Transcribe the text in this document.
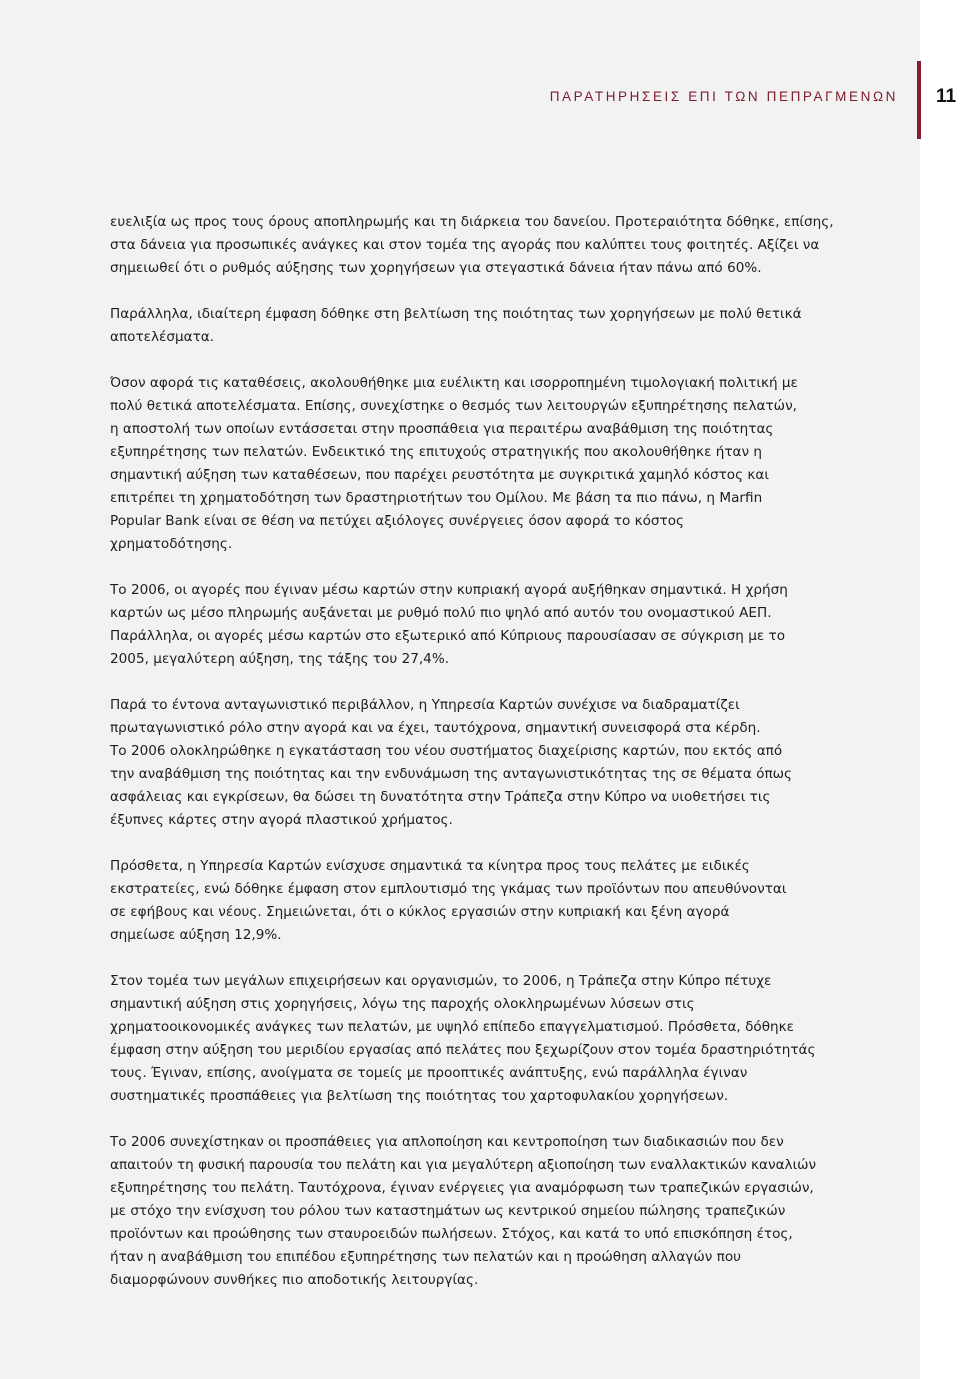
ΠΑΡΑΤΗΡΗΣΕΙΣ ΕΠΙ ΤΩΝ ΠΕΠΡΑΓΜΕΝΩΝ 11

ευελιξία ως προς τους όρους αποπληρωμής και τη διάρκεια του δανείου. Προτεραιότητα δόθηκε, επίσης,
στα δάνεια για προσωπικές ανάγκες και στον τομέα της αγοράς που καλύπτει τους φοιτητές. Αξίζει να
σημειωθεί ότι ο ρυθμός αύξησης των χορηγήσεων για στεγαστικά δάνεια ήταν πάνω από 60%.

Παράλληλα, ιδιαίτερη έμφαση δόθηκε στη βελτίωση της ποιότητας των χορηγήσεων με πολύ θετικά
αποτελέσματα.

Όσον αφορά τις καταθέσεις, ακολουθήθηκε μια ευέλικτη και ισορροπημένη τιμολογιακή πολιτική με
πολύ θετικά αποτελέσματα. Επίσης, συνεχίστηκε ο θεσμός των λειτουργών εξυπηρέτησης πελατών,
η αποστολή των οποίων εντάσσεται στην προσπάθεια για περαιτέρω αναβάθμιση της ποιότητας
εξυπηρέτησης των πελατών. Ενδεικτικό της επιτυχούς στρατηγικής που ακολουθήθηκε ήταν η
σημαντική αύξηση των καταθέσεων, που παρέχει ρευστότητα με συγκριτικά χαμηλό κόστος και
επιτρέπει τη χρηματοδότηση των δραστηριοτήτων του Ομίλου. Με βάση τα πιο πάνω, η Marfin
Popular Bank είναι σε θέση να πετύχει αξιόλογες συνέργειες όσον αφορά το κόστος
χρηματοδότησης.

Το 2006, οι αγορές που έγιναν μέσω καρτών στην κυπριακή αγορά αυξήθηκαν σημαντικά. Η χρήση
καρτών ως μέσο πληρωμής αυξάνεται με ρυθμό πολύ πιο ψηλό από αυτόν του ονομαστικού ΑΕΠ.
Παράλληλα, οι αγορές μέσω καρτών στο εξωτερικό από Κύπριους παρουσίασαν σε σύγκριση με το
2005, μεγαλύτερη αύξηση, της τάξης του 27,4%.

Παρά το έντονα ανταγωνιστικό περιβάλλον, η Υπηρεσία Καρτών συνέχισε να διαδραματίζει
πρωταγωνιστικό ρόλο στην αγορά και να έχει, ταυτόχρονα, σημαντική συνεισφορά στα κέρδη.
Το 2006 ολοκληρώθηκε η εγκατάσταση του νέου συστήματος διαχείρισης καρτών, που εκτός από
την αναβάθμιση της ποιότητας και την ενδυνάμωση της ανταγωνιστικότητας της σε θέματα όπως
ασφάλειας και εγκρίσεων, θα δώσει τη δυνατότητα στην Τράπεζα στην Κύπρο να υιοθετήσει τις
έξυπνες κάρτες στην αγορά πλαστικού χρήματος.

Πρόσθετα, η Υπηρεσία Καρτών ενίσχυσε σημαντικά τα κίνητρα προς τους πελάτες με ειδικές
εκστρατείες, ενώ δόθηκε έμφαση στον εμπλουτισμό της γκάμας των προϊόντων που απευθύνονται
σε εφήβους και νέους. Σημειώνεται, ότι ο κύκλος εργασιών στην κυπριακή και ξένη αγορά
σημείωσε αύξηση 12,9%.

Στον τομέα των μεγάλων επιχειρήσεων και οργανισμών, το 2006, η Τράπεζα στην Κύπρο πέτυχε
σημαντική αύξηση στις χορηγήσεις, λόγω της παροχής ολοκληρωμένων λύσεων στις
χρηματοοικονομικές ανάγκες των πελατών, με υψηλό επίπεδο επαγγελματισμού. Πρόσθετα, δόθηκε
έμφαση στην αύξηση του μεριδίου εργασίας από πελάτες που ξεχωρίζουν στον τομέα δραστηριότητάς
τους. Έγιναν, επίσης, ανοίγματα σε τομείς με προοπτικές ανάπτυξης, ενώ παράλληλα έγιναν
συστηματικές προσπάθειες για βελτίωση της ποιότητας του χαρτοφυλακίου χορηγήσεων.

Το 2006 συνεχίστηκαν οι προσπάθειες για απλοποίηση και κεντροποίηση των διαδικασιών που δεν
απαιτούν τη φυσική παρουσία του πελάτη και για μεγαλύτερη αξιοποίηση των εναλλακτικών καναλιών
εξυπηρέτησης του πελάτη. Ταυτόχρονα, έγιναν ενέργειες για αναμόρφωση των τραπεζικών εργασιών,
με στόχο την ενίσχυση του ρόλου των καταστημάτων ως κεντρικού σημείου πώλησης τραπεζικών
προϊόντων και προώθησης των σταυροειδών πωλήσεων. Στόχος, και κατά το υπό επισκόπηση έτος,
ήταν η αναβάθμιση του επιπέδου εξυπηρέτησης των πελατών και η προώθηση αλλαγών που
διαμορφώνουν συνθήκες πιο αποδοτικής λειτουργίας.
